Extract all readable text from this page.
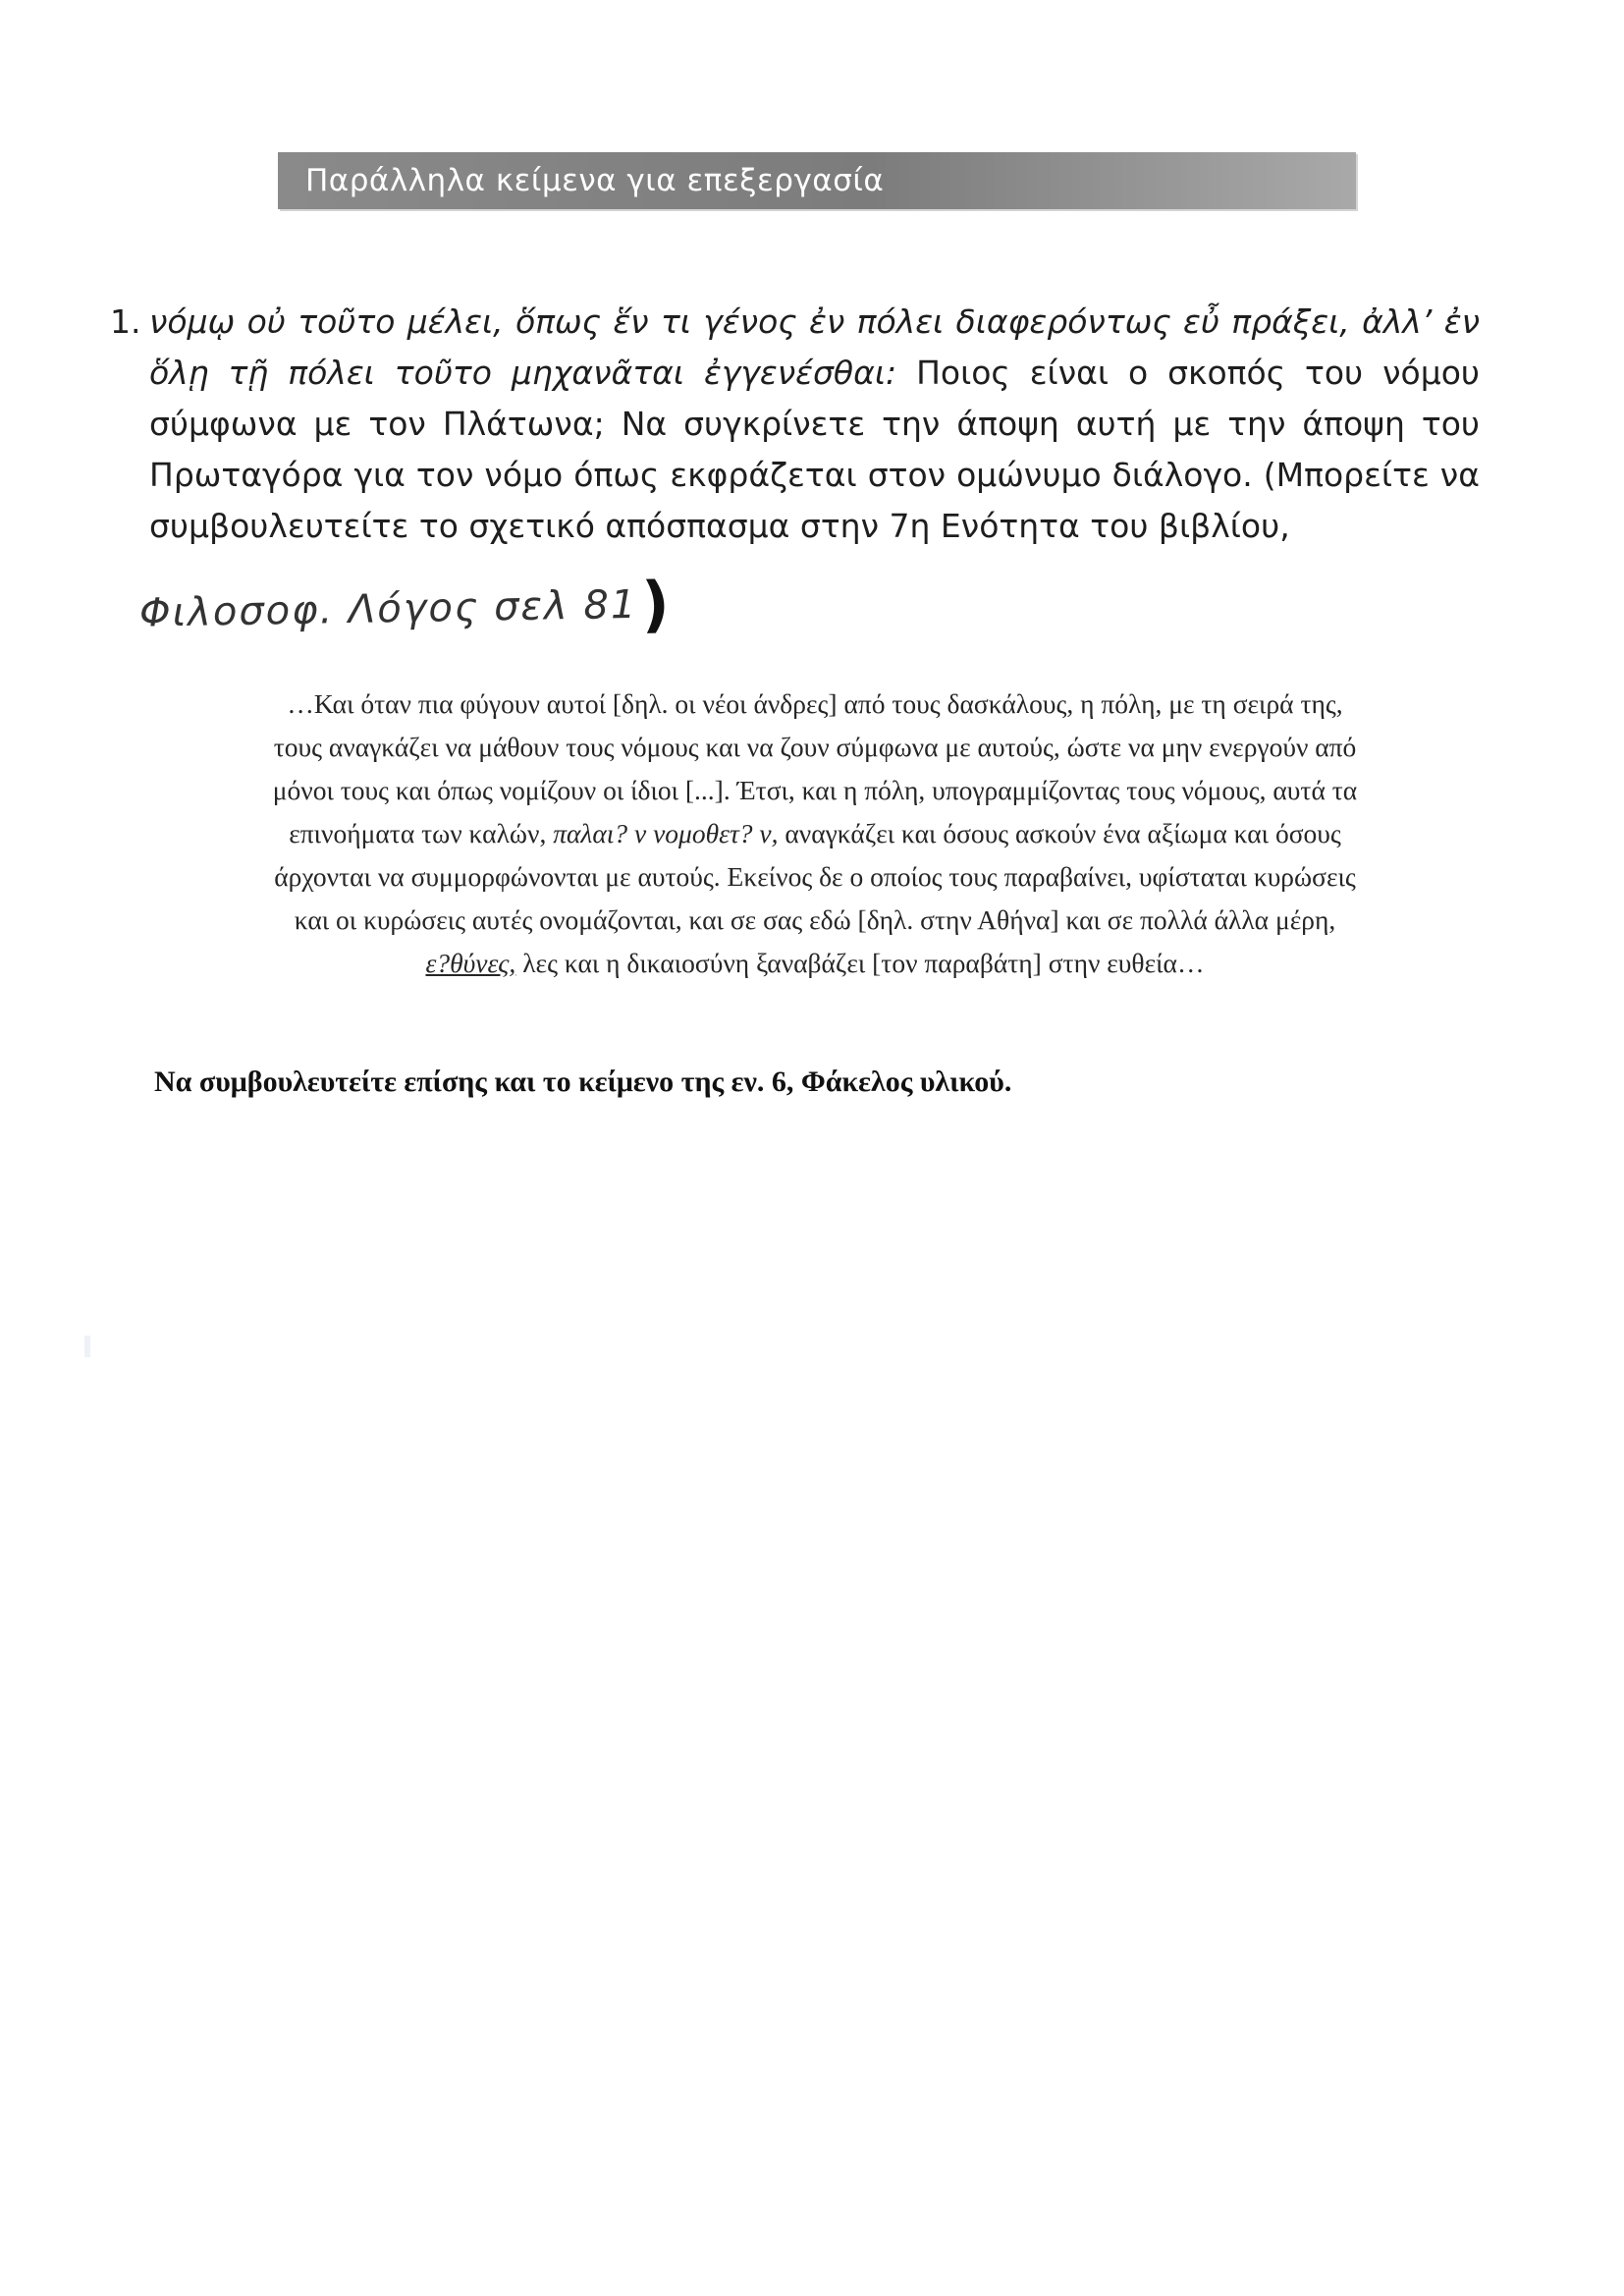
Παράλληλα κείμενα για επεξεργασία
1. νόμῳ οὐ τοῦτο μέλει, ὅπως ἕν τι γένος ἐν πόλει διαφερόντως εὖ πράξει, ἀλλ’ ἐν ὅλῃ τῇ πόλει τοῦτο μηχανᾶται ἐγγενέσθαι: Ποιος είναι ο σκοπός του νόμου σύμφωνα με τον Πλάτωνα; Να συγκρίνετε την άποψη αυτή με την άποψη του Πρωταγόρα για τον νόμο όπως εκφράζεται στον ομώνυμο διάλογο. (Μπορείτε να συμβουλευτείτε το σχετικό απόσπασμα στην 7η Ενότητα του βιβλίου,
Φιλοσοφ. Λόγος σελ 81)
…Και όταν πια φύγουν αυτοί [δηλ. οι νέοι άνδρες] από τους δασκάλους, η πόλη, με τη σειρά της,
τους αναγκάζει να μάθουν τους νόμους και να ζουν σύμφωνα με αυτούς, ώστε να μην ενεργούν από
μόνοι τους και όπως νομίζουν οι ίδιοι [...]. Έτσι, και η πόλη, υπογραμμίζοντας τους νόμους, αυτά τα
επινοήματα των καλών, παλαι? ν νομοθετ? ν, αναγκάζει και όσους ασκούν ένα αξίωμα και όσους
άρχονται να συμμορφώνονται με αυτούς. Εκείνος δε ο οποίος τους παραβαίνει, υφίσταται κυρώσεις
και οι κυρώσεις αυτές ονομάζονται, και σε σας εδώ [δηλ. στην Αθήνα] και σε πολλά άλλα μέρη,
ε?θύνες, λες και η δικαιοσύνη ξαναβάζει [τον παραβάτη] στην ευθεία…
Να συμβουλευτείτε επίσης και το κείμενο της εν. 6, Φάκελος υλικού.
